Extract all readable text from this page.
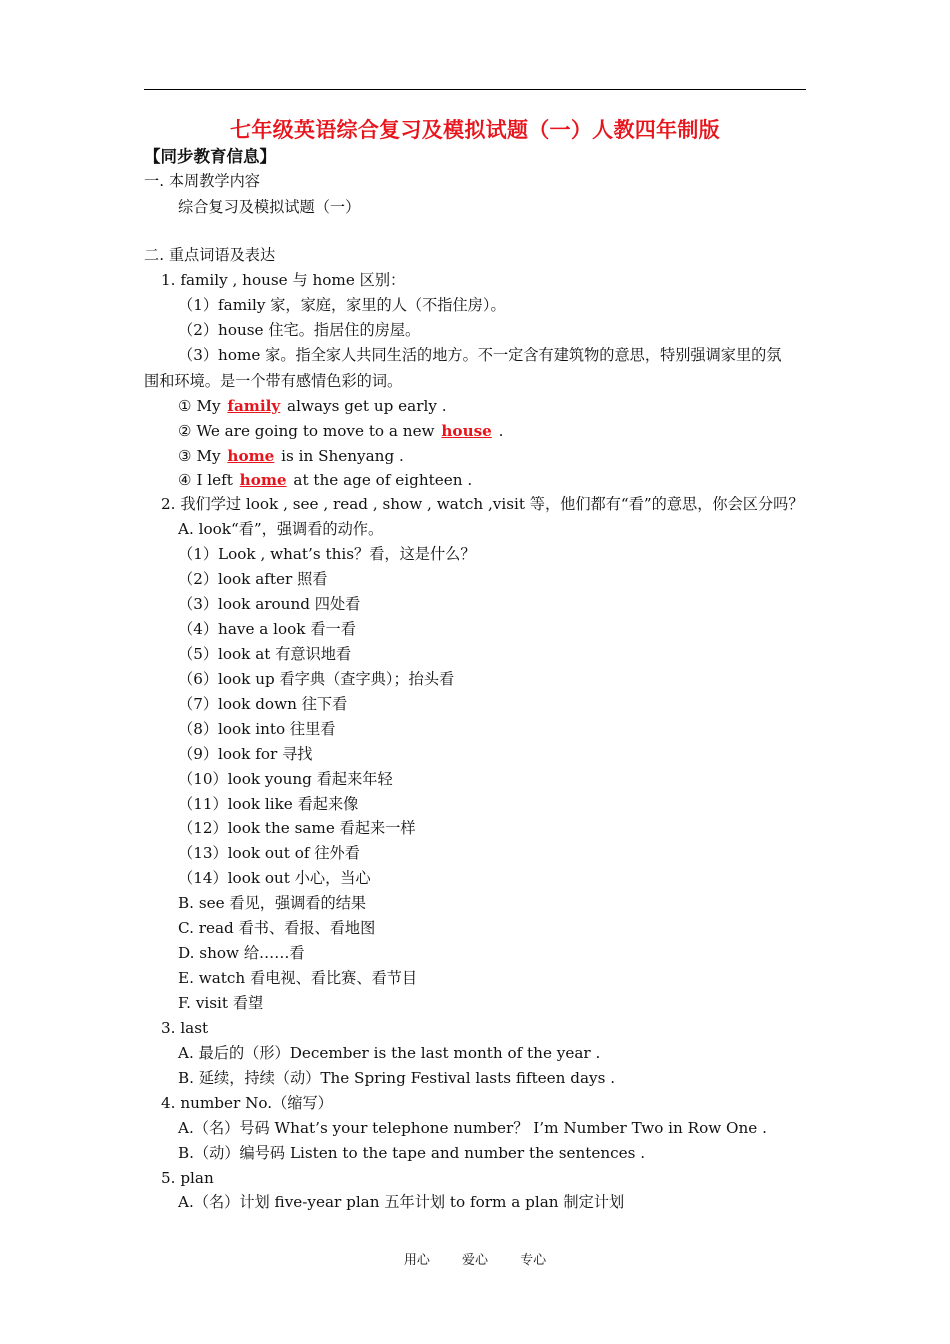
七年级英语综合复习及模拟试题（一）人教四年制版
【同步教育信息】
一. 本周教学内容
综合复习及模拟试题（一）
二. 重点词语及表达
1. family , house 与 home 区别：
（1）family 家，家庭，家里的人（不指住房）。
（2）house 住宅。指居住的房屋。
（3）home 家。指全家人共同生活的地方。不一定含有建筑物的意思，特别强调家里的氛
围和环境。是一个带有感情色彩的词。
2. 我们学过 look , see , read , show , watch ,visit 等，他们都有“看”的意思，你会区分吗？
A. look“看”，强调看的动作。
（1）Look , what’s this？看，这是什么？
（2）look after 照看
（3）look around 四处看
（4）have a look 看一看
（5）look at 有意识地看
（6）look up 看字典（查字典）；抬头看
（7）look down 往下看
（8）look into 往里看
（9）look for 寻找
（10）look young 看起来年轻
（11）look like 看起来像
（12）look the same 看起来一样
（13）look out of 往外看
（14）look out 小心，当心
B. see 看见，强调看的结果
C. read 看书、看报、看地图
D. show 给……看
E. watch 看电视、看比赛、看节目
F. visit 看望
3. last
A. 最后的（形）December is the last month of the year .
B. 延续，持续（动）The Spring Festival lasts fifteen days .
4. number No.（缩写）
A.（名）号码 What’s your telephone number？ I’m Number Two in Row One .
B.（动）编号码 Listen to the tape and number the sentences .
5. plan
A.（名）计划 five-year plan 五年计划 to form a plan 制定计划
① My family always get up early .
② We are going to move to a new house .
③ My home is in Shenyang .
④ I left home at the age of eighteen .
用心 爱心 专心
